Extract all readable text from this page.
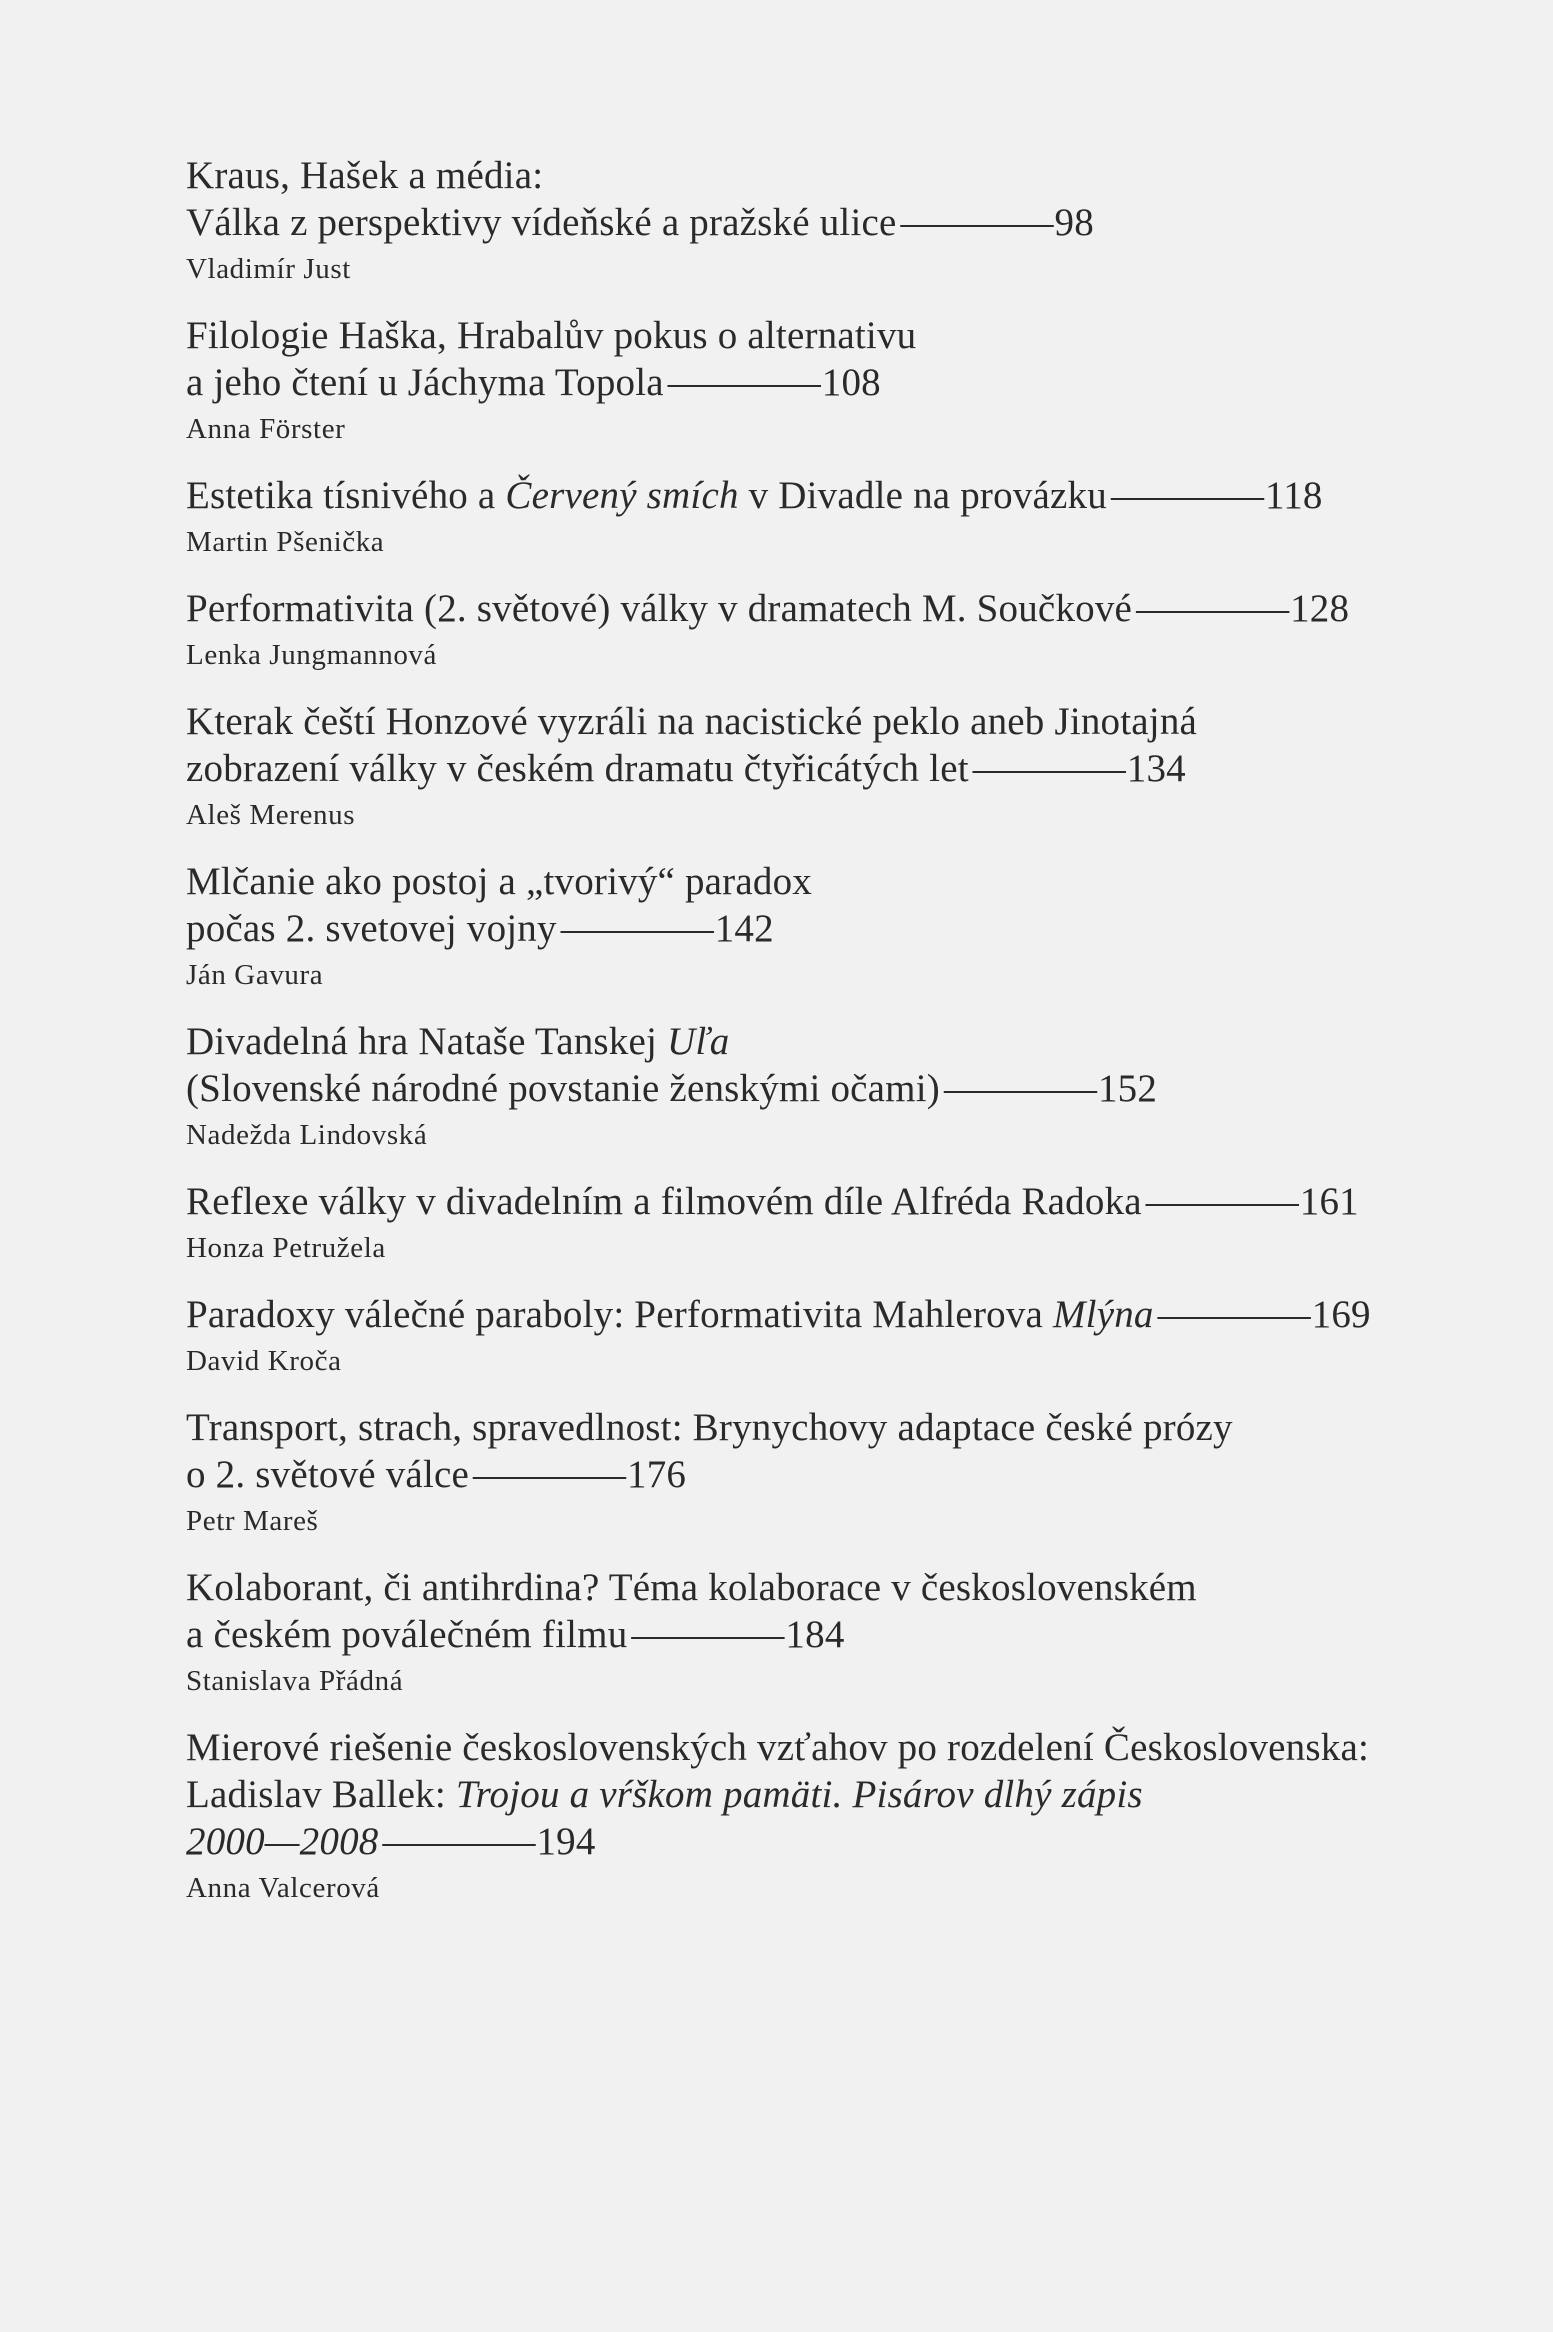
Kraus, Hašek a média:
Válka z perspektivy vídeňské a pražské ulice ————98
Vladimír Just
Filologie Haška, Hrabalův pokus o alternativu
a jeho čtení u Jáchyma Topola ————108
Anna Förster
Estetika tísnivého a Červený smích v Divadle na provázku ————118
Martin Pšenička
Performativita (2. světové) války v dramatech M. Součkové ————128
Lenka Jungmannová
Kterak čeští Honzové vyzráli na nacistické peklo aneb Jinotajná
zobrazení války v českém dramatu čtyřicátých let ————134
Aleš Merenus
Mlčanie ako postoj a „tvorivý“ paradox
počas 2. svetovej vojny ————142
Ján Gavura
Divadelná hra Nataše Tanskej Uľa
(Slovenské národné povstanie ženskými očami) ————152
Nadežda Lindovská
Reflexe války v divadelním a filmovém díle Alfréda Radoka ————161
Honza Petruželа
Paradoxy válečné paraboly: Performativita Mahlerova Mlýna ————169
David Kroča
Transport, strach, spravedlnost: Brynychovy adaptace české prózy
o 2. světové válce ————176
Petr Mareš
Kolaborant, či antihrdina? Téma kolaborace v československém
a českém poválečném filmu ————184
Stanislava Přádná
Mierové riešenie československých vzťahov po rozdelení Československa:
Ladislav Ballek: Trojou a vŕškom pamäti. Pisárov dlhý zápis
2000—2008 ————194
Anna Valcerová
